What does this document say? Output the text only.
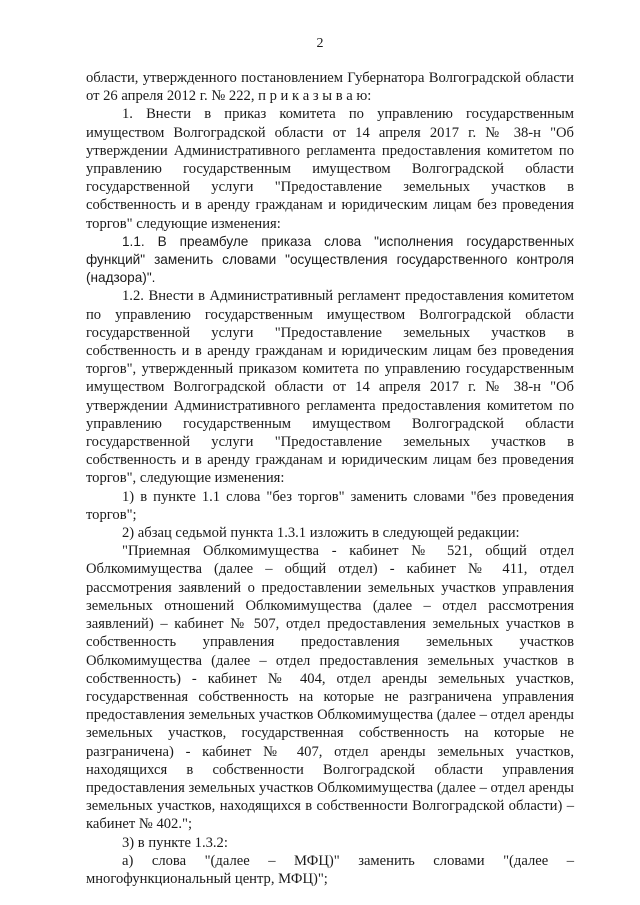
2

области, утвержденного постановлением Губернатора Волгоградской области от 26 апреля 2012 г. № 222, п р и к а з ы в а ю:

1. Внести в приказ комитета по управлению государственным имуществом Волгоградской области от 14 апреля 2017 г. № 38-н "Об утверждении Административного регламента предоставления комитетом по управлению государственным имуществом Волгоградской области государственной услуги "Предоставление земельных участков в собственность и в аренду гражданам и юридическим лицам без проведения торгов" следующие изменения:

1.1. В преамбуле приказа слова "исполнения государственных функций" заменить словами "осуществления государственного контроля (надзора)".

1.2. Внести в Административный регламент предоставления комитетом по управлению государственным имуществом Волгоградской области государственной услуги "Предоставление земельных участков в собственность и в аренду гражданам и юридическим лицам без проведения торгов", утвержденный приказом комитета по управлению государственным имуществом Волгоградской области от 14 апреля 2017 г. № 38-н "Об утверждении Административного регламента предоставления комитетом по управлению государственным имуществом Волгоградской области государственной услуги "Предоставление земельных участков в собственность и в аренду гражданам и юридическим лицам без проведения торгов", следующие изменения:

1) в пункте 1.1 слова "без торгов" заменить словами "без проведения торгов";

2) абзац седьмой пункта 1.3.1 изложить в следующей редакции:

"Приемная Облкомимущества - кабинет № 521, общий отдел Облкомимущества (далее – общий отдел) - кабинет № 411, отдел рассмотрения заявлений о предоставлении земельных участков управления земельных отношений Облкомимущества (далее – отдел рассмотрения заявлений) – кабинет № 507, отдел предоставления земельных участков в собственность управления предоставления земельных участков Облкомимущества (далее – отдел предоставления земельных участков в собственность) - кабинет № 404, отдел аренды земельных участков, государственная собственность на которые не разграничена управления предоставления земельных участков Облкомимущества (далее – отдел аренды земельных участков, государственная собственность на которые не разграничена) - кабинет № 407, отдел аренды земельных участков, находящихся в собственности Волгоградской области управления предоставления земельных участков Облкомимущества (далее – отдел аренды земельных участков, находящихся в собственности Волгоградской области) – кабинет № 402.";

3) в пункте 1.3.2:

а) слова "(далее – МФЦ)" заменить словами "(далее – многофункциональный центр, МФЦ)";
